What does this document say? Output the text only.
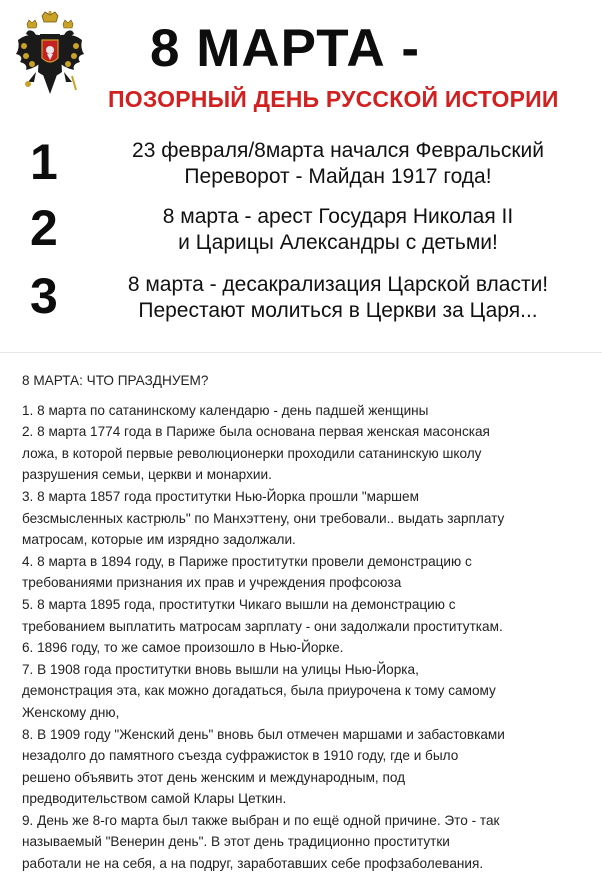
8 МАРТА -
ПОЗОРНЫЙ ДЕНЬ РУССКОЙ ИСТОРИИ
1	23 февраля/8марта начался Февральский
Переворот - Майдан 1917 года!
2	8 марта - арест Государя Николая II
и Царицы Александры с детьми!
3	8 марта - десакрализация Царской власти!
Перестают молиться в Церкви за Царя...
8 МАРТА: ЧТО ПРАЗДНУЕМ?
1. 8 марта по сатанинскому календарю - день падшей женщины
2. 8 марта 1774 года в Париже была основана первая женская масонская
ложа, в которой первые революционерки проходили сатанинскую школу
разрушения семьи, церкви и монархии.
3. 8 марта 1857 года проститутки Нью-Йорка прошли "маршем
безсмысленных кастрюль" по Манхэттену, они требовали.. выдать зарплату
матросам, которые им изрядно задолжали.
4. 8 марта в 1894 году, в Париже проститутки провели демонстрацию с
требованиями признания их прав и учреждения профсоюза
5. 8 марта 1895 года, проститутки Чикаго вышли на демонстрацию с
требованием выплатить матросам зарплату - они задолжали проституткам.
6. 1896 году, то же самое произошло в Нью-Йорке.
7. В 1908 года проститутки вновь вышли на улицы Нью-Йорка,
демонстрация эта, как можно догадаться, была приурочена к тому самому
Женскому дню,
8. В 1909 году "Женский день" вновь был отмечен маршами и забастовками
незадолго до памятного съезда суфражисток в 1910 году, где и было
решено объявить этот день женским и международным, под
предводительством самой Клары Цеткин.
9. День же 8-го марта был также выбран и по ещё одной причине. Это - так
называемый "Венерин день". В этот день традиционно проститутки
работали не на себя, а на подруг, заработавших себе профзаболевания.
